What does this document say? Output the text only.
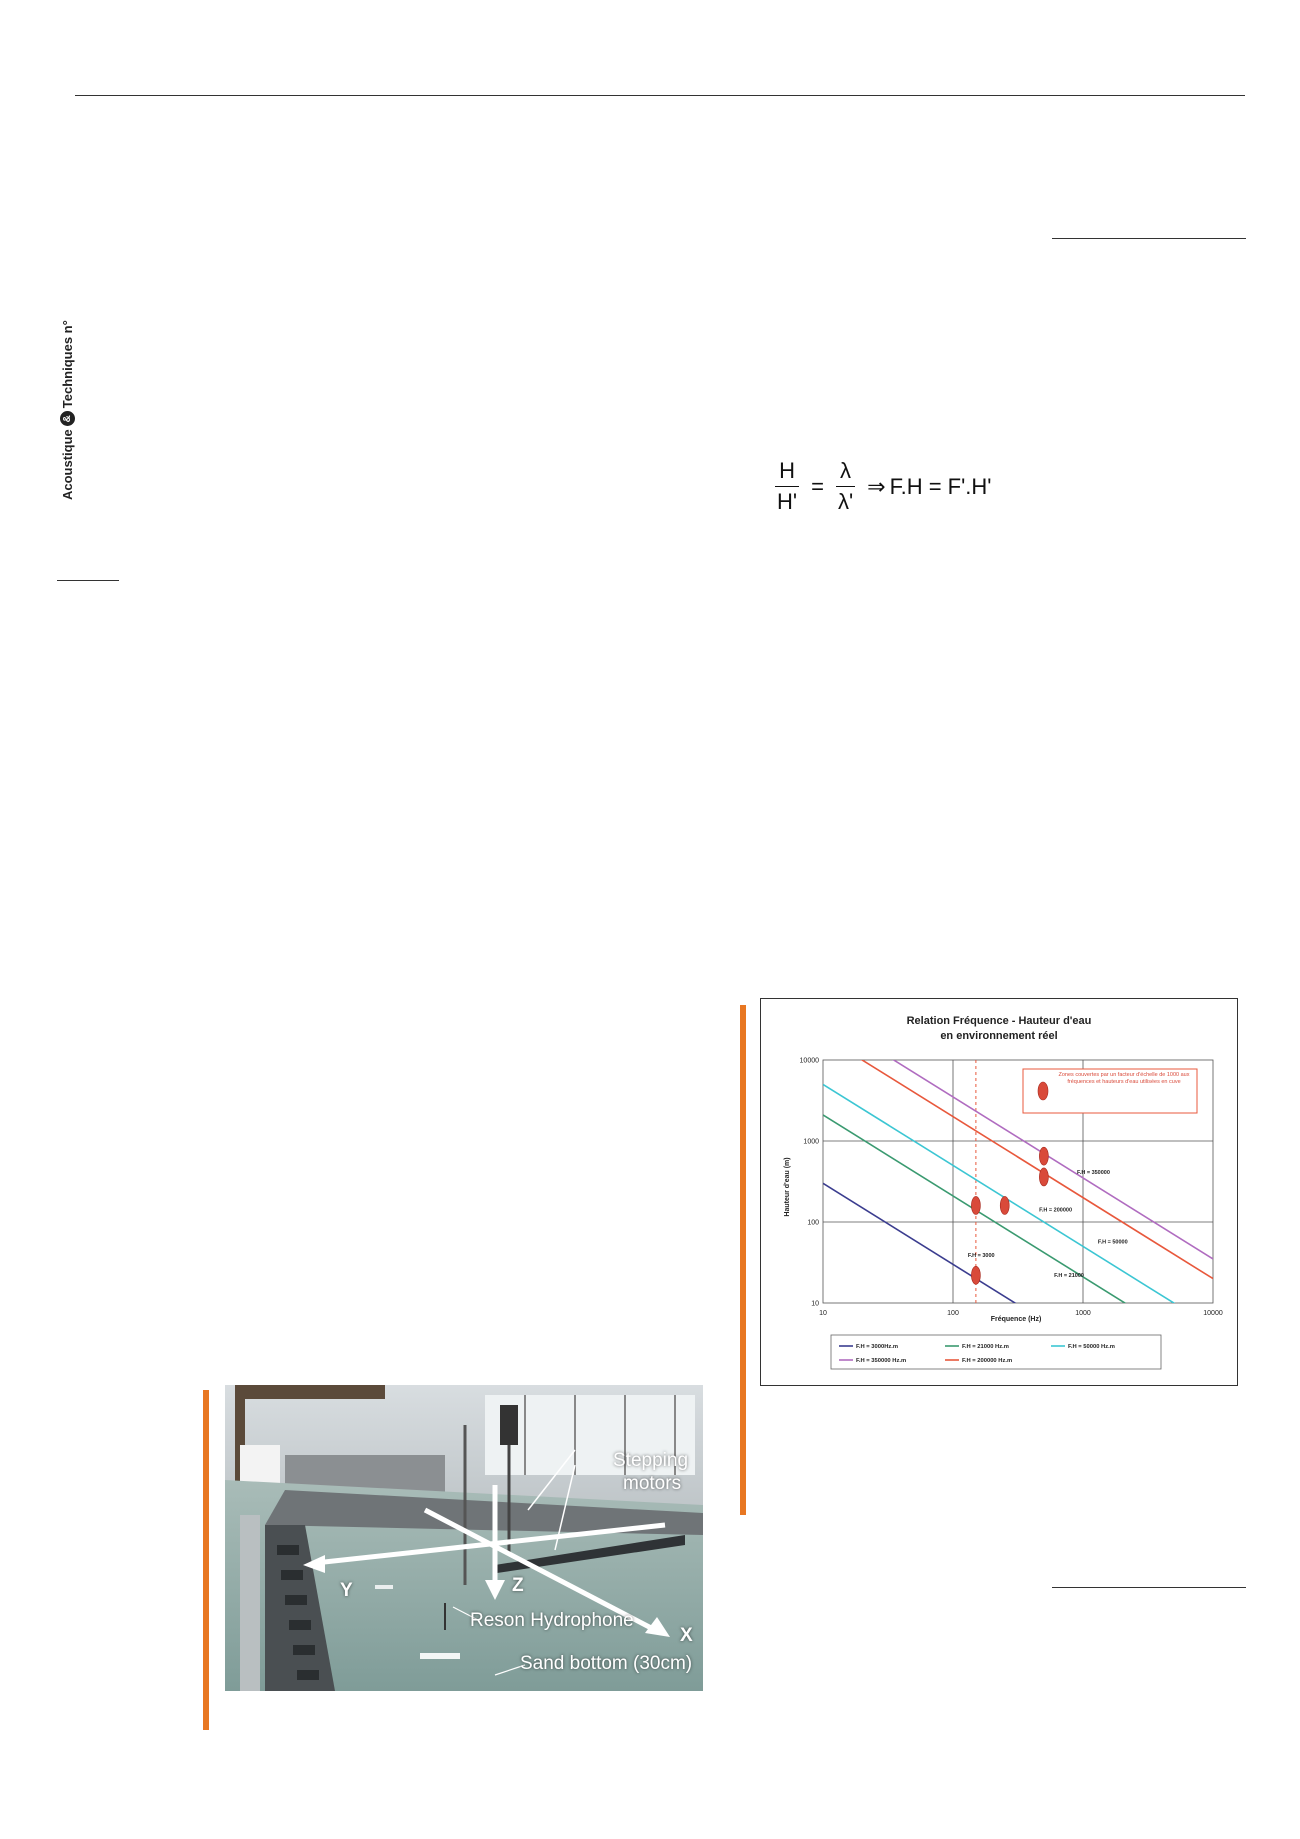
Acoustique
&
Techniques n°
$\frac{H}{H'} = \frac{\lambda}{\lambda'}$ ⇒ F.H = F'.H'
Stepping
motors
Y	Z
X
Reson Hydrophone
Sand bottom (30cm)
Relation Fréquence - Hauteur d'eau
en environnement réel
Fréquence (Hz)
Hauteur d'eau (m)
10	100	1000	10000
10
100
1000
10000
F.H = 350000
F.H = 200000
F.H = 50000
F.H = 3000
F.H = 21000
Zones couvertes par un facteur d'échelle de 1000 aux fréquences et hauteurs d'eau utilisées en cuve
F.H = 3000Hz.m	F.H = 21000 Hz.m	F.H = 50000 Hz.m
F.H = 350000 Hz.m	F.H = 200000 Hz.m
